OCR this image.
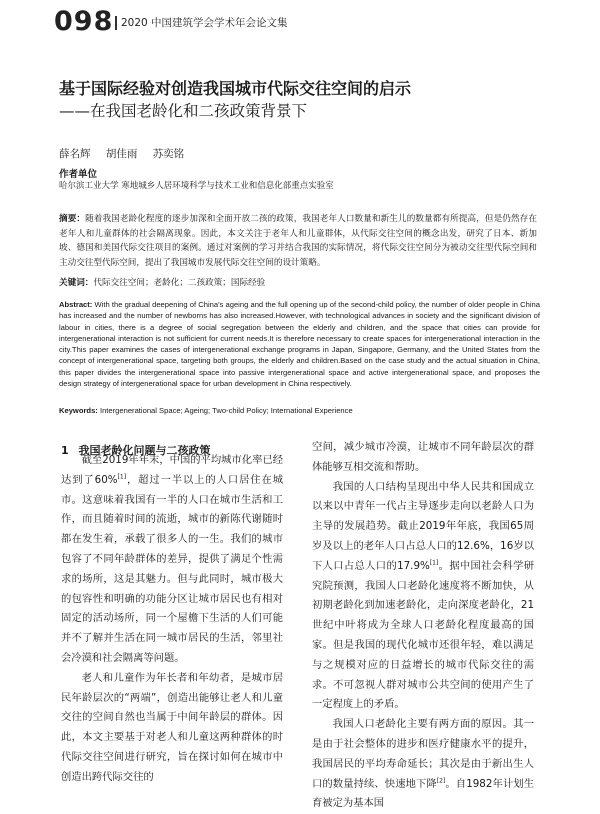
098 2020 中国建筑学会学术年会论文集
基于国际经验对创造我国城市代际交往空间的启示
——在我国老龄化和二孩政策背景下
薛名辉 胡佳雨 苏奕铭
作者单位
哈尔滨工业大学 寒地城乡人居环境科学与技术工业和信息化部重点实验室
摘要：随着我国老龄化程度的逐步加深和全面开放二孩的政策，我国老年人口数量和新生儿的数量都有所提高，但是仍然存在老年人和儿童群体的社会隔离现象。因此，本文关注于老年人和儿童群体，从代际交往空间的概念出发，研究了日本、新加坡、德国和美国代际交往项目的案例。通过对案例的学习并结合我国的实际情况，将代际交往空间分为被动交往型代际空间和主动交往型代际空间，提出了我国城市发展代际交往空间的设计策略。
关键词：代际交往空间；老龄化；二孩政策；国际经验
Abstract: With the gradual deepening of China's ageing and the full opening up of the second-child policy, the number of older people in China has increased and the number of newborns has also increased.However, with technological advances in society and the significant division of labour in cities, there is a degree of social segregation between the elderly and children, and the space that cities can provide for intergenerational interaction is not sufficient for current needs.It is therefore necessary to create spaces for intergenerational interaction in the city.This paper examines the cases of intergenerational exchange programs in Japan, Singapore, Germany, and the United States from the concept of intergenerational space, targeting both groups, the elderly and children.Based on the case study and the actual situation in China, this paper divides the intergenerational space into passive intergenerational space and active intergenerational space, and proposes the design strategy of intergenerational space for urban development in China respectively.
Keywords: Intergenerational Space; Ageing; Two-child Policy; International Experience
1 我国老龄化问题与二孩政策

截至2019年年末，中国的平均城市化率已经达到了60%[1]，超过一半以上的人口居住在城市。这意味着我国有一半的人口在城市生活和工作，而且随着时间的流逝，城市的新陈代谢随时都在发生着，承载了很多人的一生。我们的城市包容了不同年龄群体的差异，提供了满足个性需求的场所，这是其魅力。但与此同时，城市极大的包容性和明确的功能分区让城市居民也有相对固定的活动场所，同一个屋檐下生活的人们可能并不了解并生活在同一城市居民的生活，邻里社会冷漠和社会隔离等问题。

老人和儿童作为年长者和年幼者，是城市居民年龄层次的“两端”，创造出能够让老人和儿童交往的空间自然也当属于中间年龄层的群体。因此，本文主要基于对老人和儿童这两种群体的时代际交往空间进行研究，旨在探讨如何在城市中创造出跨代际交往的

空间，减少城市冷漠，让城市不同年龄层次的群体能够互相交流和帮助。

我国的人口结构呈现出中华人民共和国成立以来以中青年一代占主导逐步走向以老龄人口为主导的发展趋势。截止2019年年底，我国65周岁及以上的老年人口占总人口的12.6%，16岁以下人口占总人口的17.9%[1]。据中国社会科学研究院预测，我国人口老龄化速度将不断加快，从初期老龄化到加速老龄化，走向深度老龄化，21世纪中叶将成为全球人口老龄化程度最高的国家。但是我国的现代化城市还很年轻，难以满足与之规模对应的日益增长的城市代际交往的需求。不可忽视人群对城市公共空间的使用产生了一定程度上的矛盾。

我国人口老龄化主要有两方面的原因。其一是由于社会整体的进步和医疗健康水平的提升，我国居民的平均寿命延长；其次是由于新出生人口的数量持续、快速地下降[2]。自1982年计划生育被定为基本国
